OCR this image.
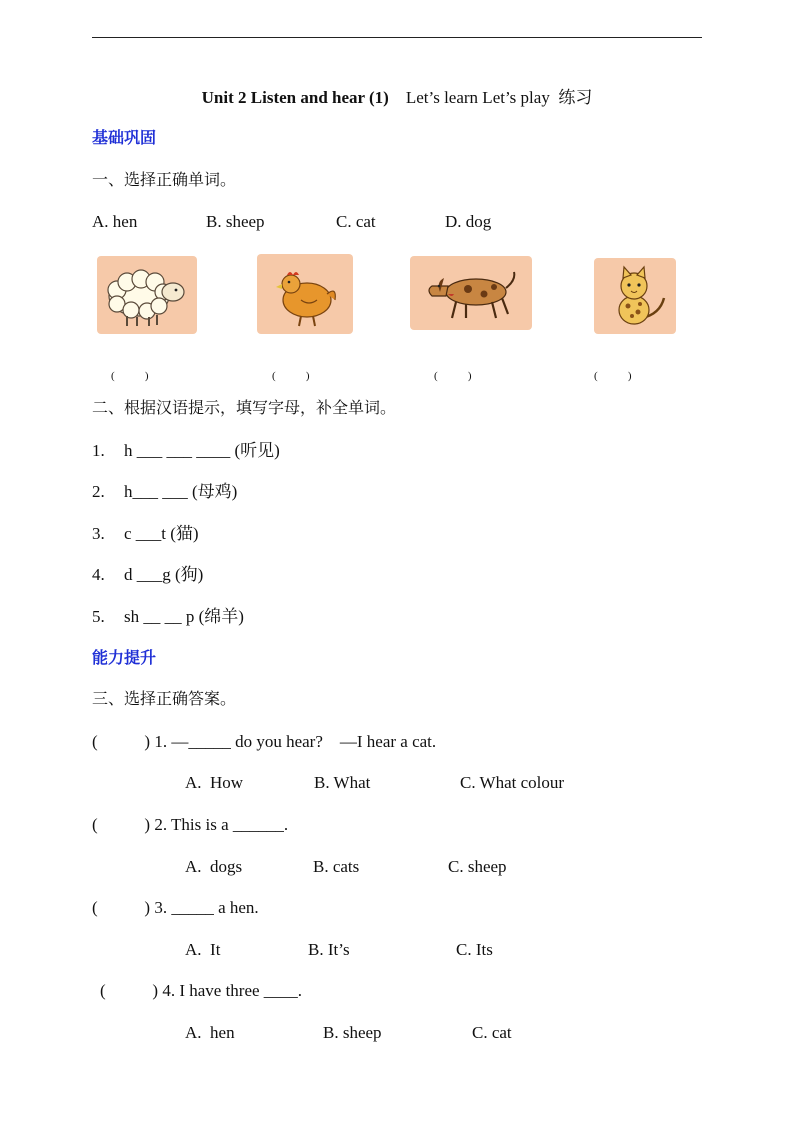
Unit 2 Listen and hear (1)    Let’s learn Let’s play  练习
基础巩固
一、选择正确单词。
A. hen	B. sheep	C. cat	D. dog
(           )	(           )	(           )	(           )
二、根据汉语提示，填写字母，补全单词。
1. h ___ ___ ____ (听见)
2. h___ ___ (母鸡)
3. c ___t (猫)
4. d ___g (狗)
5. sh __ __ p (绵羊)
能力提升
三、选择正确答案。
(           ) 1. —_____ do you hear?    —I hear a cat.
A.  How	B. What	C. What colour
(           ) 2. This is a ______.
A.  dogs	B. cats	C. sheep
(           ) 3. _____ a hen.
A.  It	B. It’s	C. Its
(           ) 4. I have three ____.
A.  hen	B. sheep	C. cat
